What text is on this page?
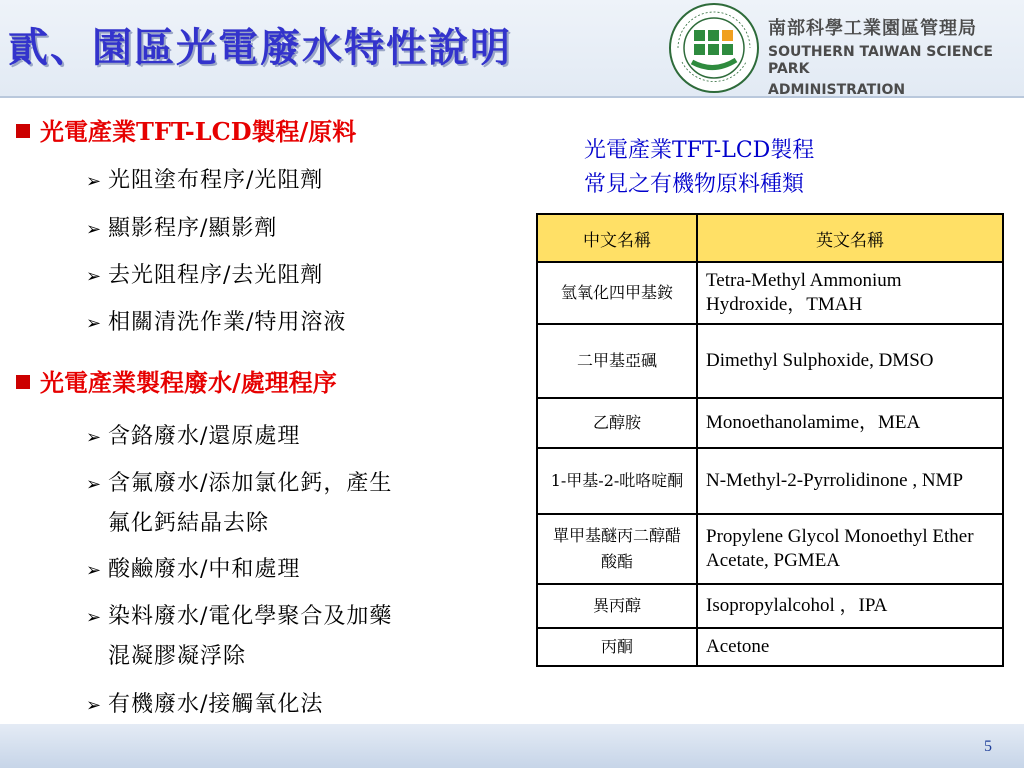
貳、園區光電廢水特性說明	南部科學工業園區管理局
SOUTHERN TAIWAN SCIENCE PARK
ADMINISTRATION
光電產業TFT-LCD製程/原料
➢ 光阻塗布程序/光阻劑
➢ 顯影程序/顯影劑
➢ 去光阻程序/去光阻劑
➢ 相關清洗作業/特用溶液
光電產業製程廢水/處理程序
➢ 含鉻廢水/還原處理
➢ 含氟廢水/添加氯化鈣，產生
氟化鈣結晶去除
➢ 酸鹼廢水/中和處理
➢ 染料廢水/電化學聚合及加藥
混凝膠凝浮除
➢ 有機廢水/接觸氧化法
光電產業TFT-LCD製程
常見之有機物原料種類
中文名稱	英文名稱
氫氧化四甲基銨	Tetra-Methyl Ammonium Hydroxide，TMAH
二甲基亞碸	Dimethyl Sulphoxide, DMSO
乙醇胺	Monoethanolamime，MEA
1-甲基-2-吡咯啶酮	N-Methyl-2-Pyrrolidinone , NMP
單甲基醚丙二醇醋酸酯	Propylene Glycol Monoethyl Ether Acetate, PGMEA
異丙醇	Isopropylalcohol ，IPA
丙酮	Acetone
5
